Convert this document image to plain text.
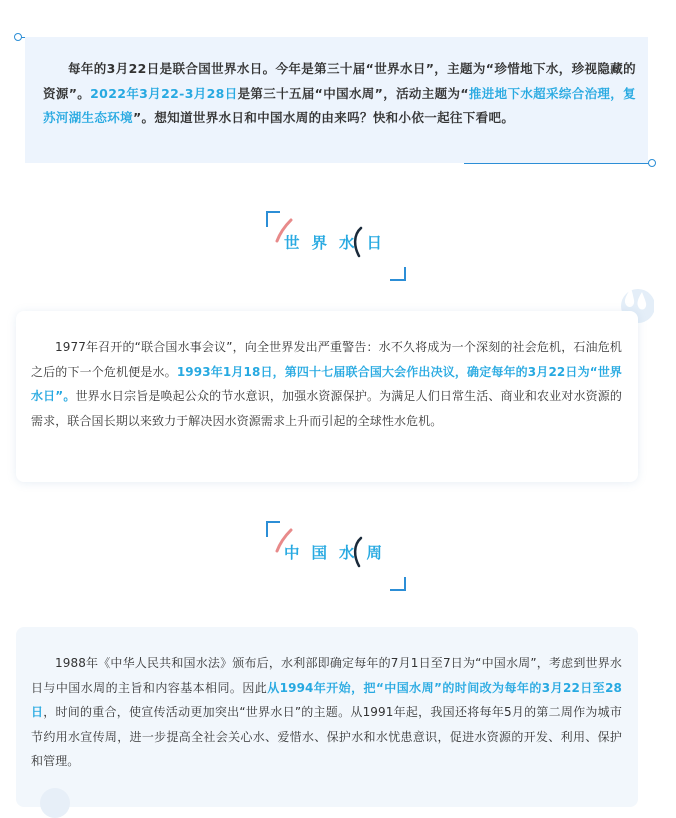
每年的3月22日是联合国世界水日。今年是第三十届“世界水日”，主题为“珍惜地下水，珍视隐藏的资源”。2022年3月22-3月28日是第三十五届“中国水周”，活动主题为“推进地下水超采综合治理，复苏河湖生态环境”。想知道世界水日和中国水周的由来吗？快和小依一起往下看吧。

世界水日

1977年召开的“联合国水事会议”，向全世界发出严重警告：水不久将成为一个深刻的社会危机，石油危机之后的下一个危机便是水。1993年1月18日，第四十七届联合国大会作出决议，确定每年的3月22日为“世界水日”。世界水日宗旨是唤起公众的节水意识，加强水资源保护。为满足人们日常生活、商业和农业对水资源的需求，联合国长期以来致力于解决因水资源需求上升而引起的全球性水危机。

中国水周

1988年《中华人民共和国水法》颁布后，水利部即确定每年的7月1日至7日为“中国水周”，考虑到世界水日与中国水周的主旨和内容基本相同。因此从1994年开始，把“中国水周”的时间改为每年的3月22日至28日，时间的重合，使宣传活动更加突出“世界水日”的主题。从1991年起，我国还将每年5月的第二周作为城市节约用水宣传周，进一步提高全社会关心水、爱惜水、保护水和水忧患意识，促进水资源的开发、利用、保护和管理。
